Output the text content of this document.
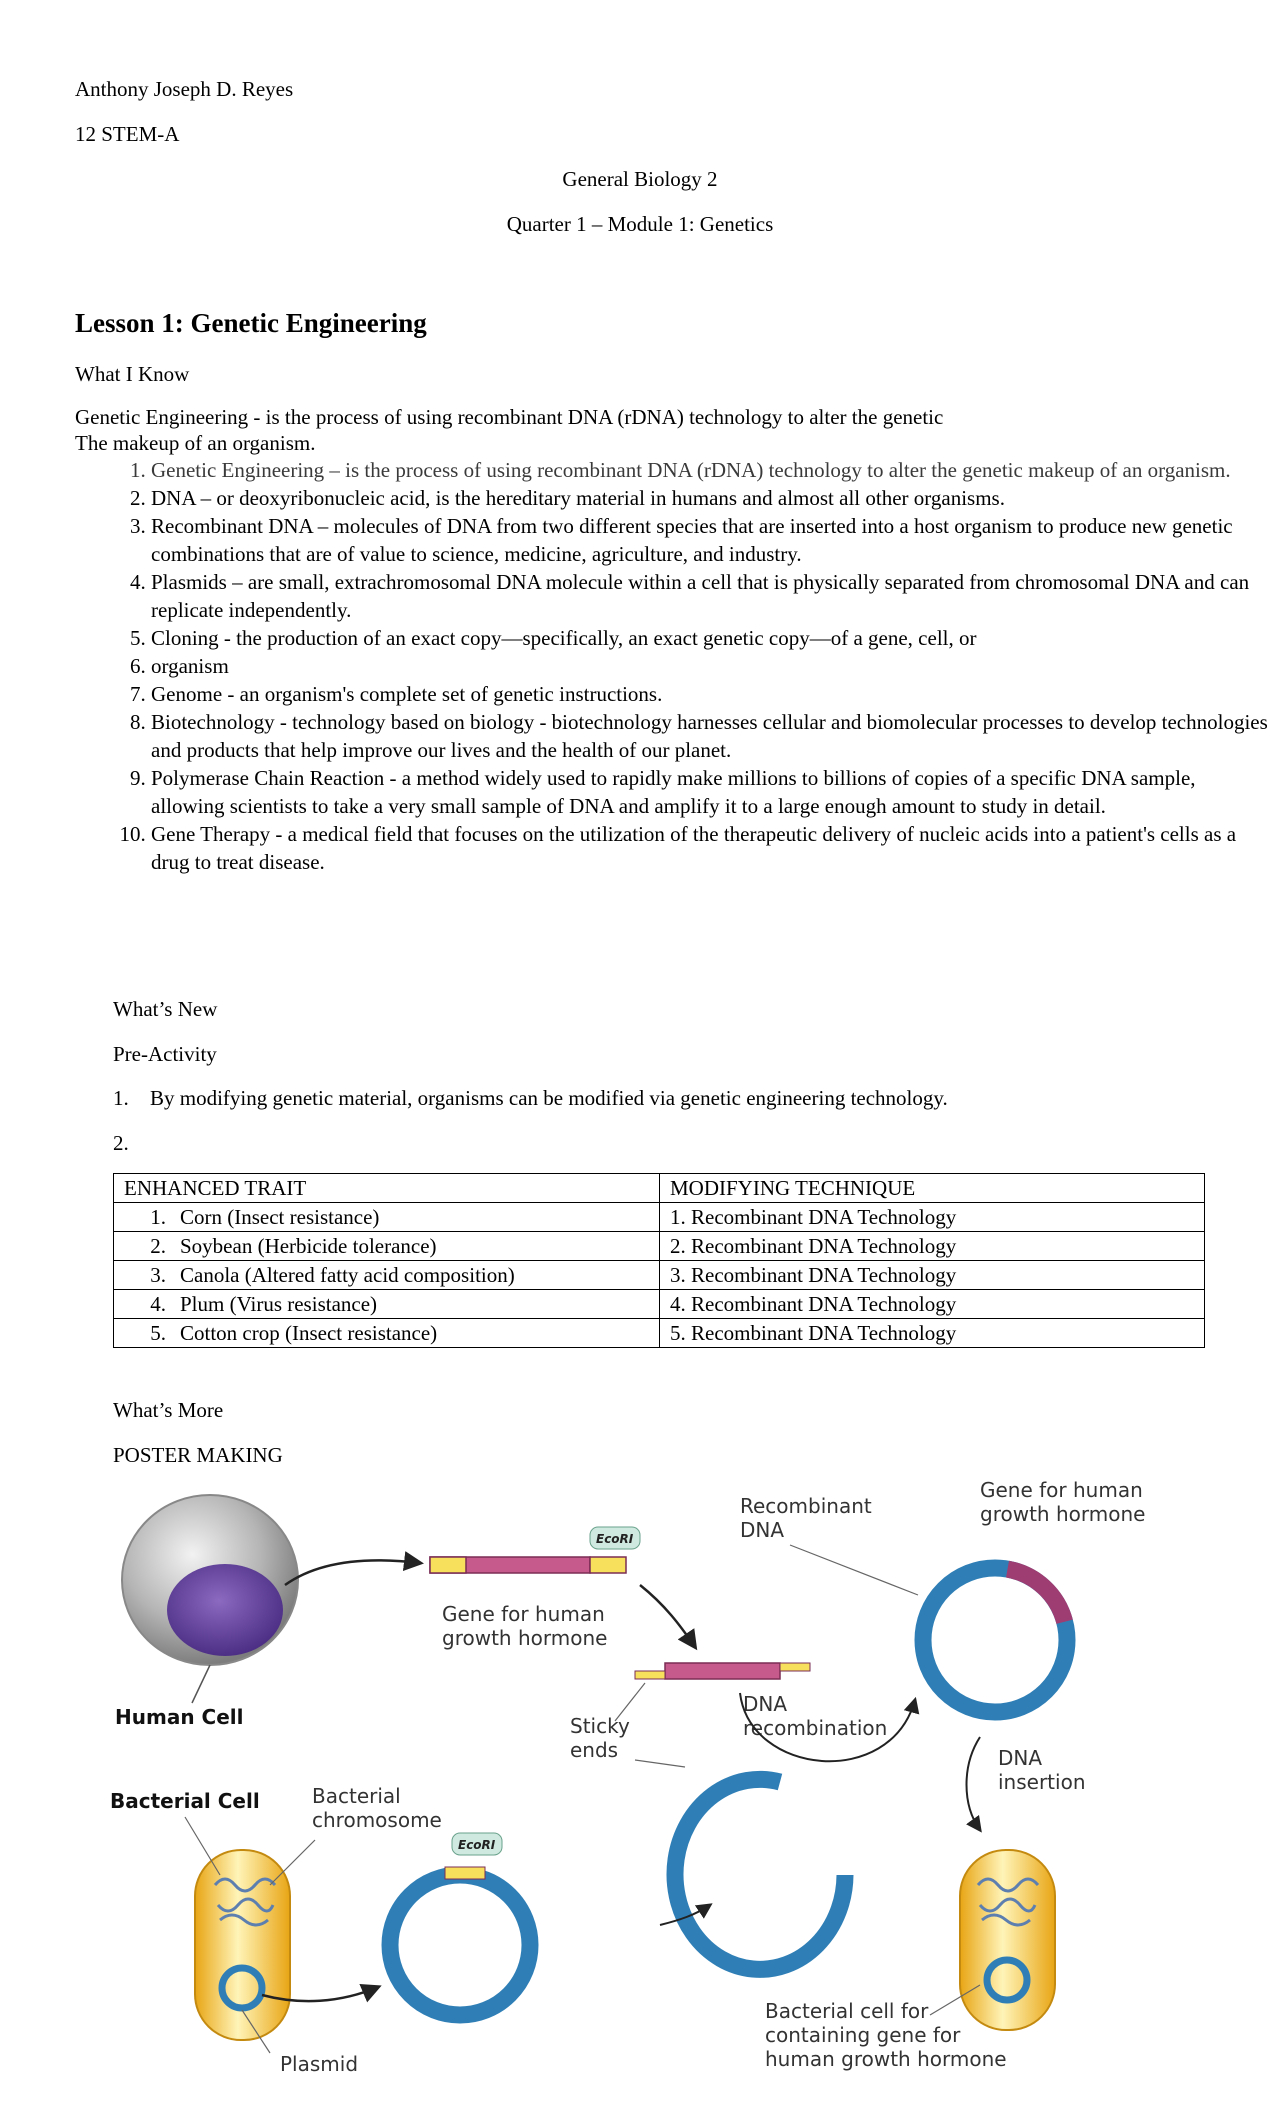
Anthony Joseph D. Reyes
12 STEM-A
General Biology 2
Quarter 1 – Module 1: Genetics
Lesson 1: Genetic Engineering
What I Know
Genetic Engineering - is the process of using recombinant DNA (rDNA) technology to alter the genetic
The makeup of an organism.
1. Genetic Engineering – is the process of using recombinant DNA (rDNA) technology to alter the genetic makeup of an organism.
2. DNA – or deoxyribonucleic acid, is the hereditary material in humans and almost all other organisms.
3. Recombinant DNA – molecules of DNA from two different species that are inserted into a host organism to produce new genetic combinations that are of value to science, medicine, agriculture, and industry.
4. Plasmids – are small, extrachromosomal DNA molecule within a cell that is physically separated from chromosomal DNA and can replicate independently.
5. Cloning - the production of an exact copy—specifically, an exact genetic copy—of a gene, cell, or
6. organism
7. Genome - an organism's complete set of genetic instructions.
8. Biotechnology - technology based on biology - biotechnology harnesses cellular and biomolecular processes to develop technologies and products that help improve our lives and the health of our planet.
9. Polymerase Chain Reaction - a method widely used to rapidly make millions to billions of copies of a specific DNA sample, allowing scientists to take a very small sample of DNA and amplify it to a large enough amount to study in detail.
10. Gene Therapy - a medical field that focuses on the utilization of the therapeutic delivery of nucleic acids into a patient's cells as a drug to treat disease.
What’s New
Pre-Activity
1. By modifying genetic material, organisms can be modified via genetic engineering technology.
2.
ENHANCED TRAIT	MODIFYING TECHNIQUE
1. Corn (Insect resistance)	1. Recombinant DNA Technology
2. Soybean (Herbicide tolerance)	2. Recombinant DNA Technology
3. Canola (Altered fatty acid composition)	3. Recombinant DNA Technology
4. Plum (Virus resistance)	4. Recombinant DNA Technology
5. Cotton crop (Insect resistance)	5. Recombinant DNA Technology
What’s More
POSTER MAKING
Human Cell
EcoRI
Gene for human
growth hormone
Sticky
ends
DNA
recombination
Recombinant
DNA
Gene for human
growth hormone
DNA
insertion
Bacterial Cell	Bacterial
chromosome
Plasmid
EcoRI
Bacterial cell for
containing gene for
human growth hormone
